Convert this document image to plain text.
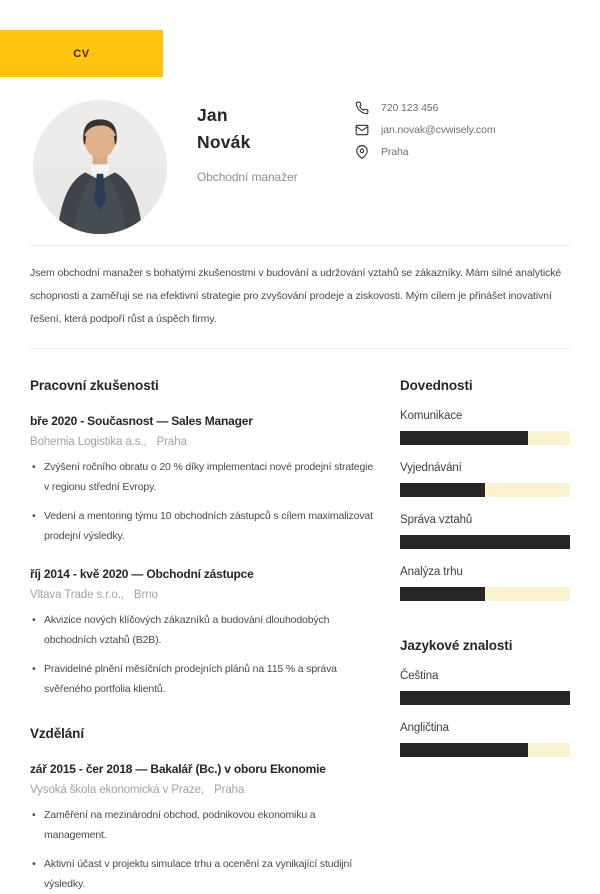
CV
Jan
Novák
Obchodní manažer
720 123 456
jan.novak@cvwisely.com
Praha

Jsem obchodní manažer s bohatými zkušenostmi v budování a udržování vztahů se zákazníky. Mám silné analytické schopnosti a zaměřuji se na efektivní strategie pro zvyšování prodeje a ziskovosti. Mým cílem je přinášet inovativní řešení, která podpoří růst a úspěch firmy.

Pracovní zkušenosti
bře 2020 - Současnost — Sales Manager
Bohemia Logistika a.s., Praha
• Zvýšení ročního obratu o 20 % díky implementaci nové prodejní strategie v regionu střední Evropy.
• Vedení a mentoring týmu 10 obchodních zástupců s cílem maximalizovat prodejní výsledky.
říj 2014 - kvě 2020 — Obchodní zástupce
Vltava Trade s.r.o., Brno
• Akvizice nových klíčových zákazníků a budování dlouhodobých obchodních vztahů (B2B).
• Pravidelné plnění měsíčních prodejních plánů na 115 % a správa svěřeného portfolia klientů.
Vzdělání
zář 2015 - čer 2018 — Bakalář (Bc.) v oboru Ekonomie
Vysoká škola ekonomická v Praze, Praha
• Zaměření na mezinárodní obchod, podnikovou ekonomiku a management.
• Aktivní účast v projektu simulace trhu a ocenění za vynikající studijní výsledky.
Dovednosti
Komunikace
Vyjednávání
Správa vztahů
Analýza trhu
Jazykové znalosti
Čeština
Angličtina
